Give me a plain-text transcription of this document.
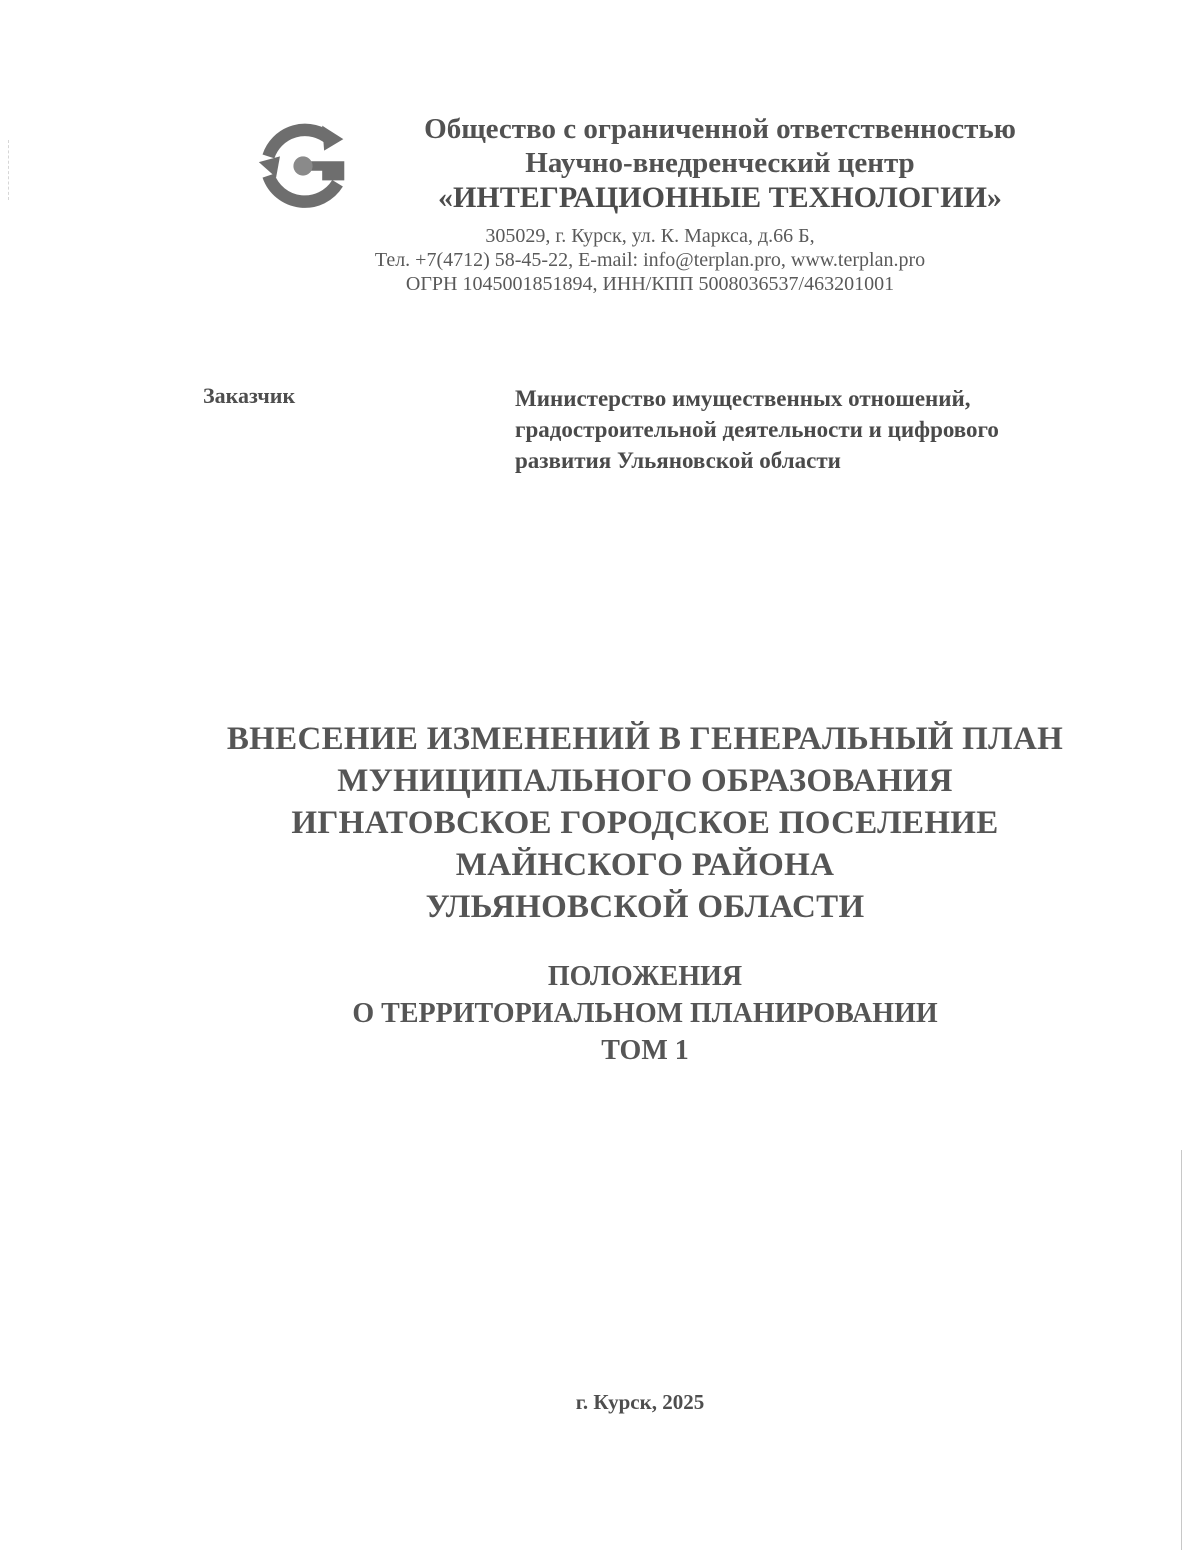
Общество с ограниченной ответственностью
Научно-внедренческий центр
«ИНТЕГРАЦИОННЫЕ ТЕХНОЛОГИИ»
305029, г. Курск, ул. К. Маркса, д.66 Б,
Тел. +7(4712) 58-45-22, E-mail: info@terplan.pro, www.terplan.pro
ОГРН 1045001851894, ИНН/КПП 5008036537/463201001
Заказчик	Министерство имущественных отношений,
градостроительной деятельности и цифрового
развития Ульяновской области
ВНЕСЕНИЕ ИЗМЕНЕНИЙ В ГЕНЕРАЛЬНЫЙ ПЛАН
МУНИЦИПАЛЬНОГО ОБРАЗОВАНИЯ
ИГНАТОВСКОЕ ГОРОДСКОЕ ПОСЕЛЕНИЕ
МАЙНСКОГО РАЙОНА
УЛЬЯНОВСКОЙ ОБЛАСТИ
ПОЛОЖЕНИЯ
О ТЕРРИТОРИАЛЬНОМ ПЛАНИРОВАНИИ
ТОМ 1
г. Курск, 2025
